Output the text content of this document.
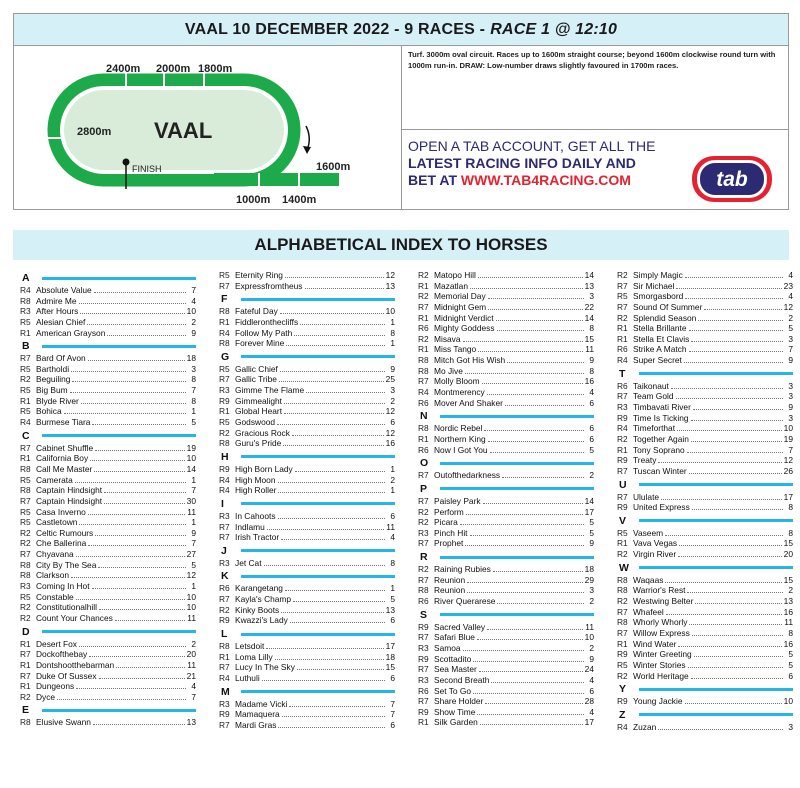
VAAL 10 DECEMBER 2022 - 9 RACES - RACE 1 @ 12:10
VAAL
2400m 2000m 1800m
2800m
FINISH	1600m
1000m 1400m
Turf. 3000m oval circuit. Races up to 1600m straight course; beyond 1600m clockwise round turn with 1000m run-in. DRAW: Low-number draws slightly favoured in 1700m races.
OPEN A TAB ACCOUNT, GET ALL THE
LATEST RACING INFO DAILY AND
BET AT WWW.TAB4RACING.COM	tab
ALPHABETICAL INDEX TO HORSES
A
R4 Absolute Value	7
R8 Admire Me	4
R3 After Hours	10
R5 Alesian Chief	2
R1 American Grayson	9
B
R7 Bard Of Avon	18
R5 Bartholdi	3
R2 Beguiling	8
R5 Big Bum	7
R1 Blyde River	8
R5 Bohica	1
R4 Burmese Tiara	5
C
R7 Cabinet Shuffle	19
R1 California Boy	10
R8 Call Me Master	14
R5 Camerata	1
R8 Captain Hindsight	7
R7 Captain Hindsight	30
R5 Casa Inverno	11
R5 Castletown	1
R2 Celtic Rumours	9
R2 Che Ballerina	7
R7 Chyavana	27
R8 City By The Sea	5
R8 Clarkson	12
R3 Coming In Hot	1
R5 Constable	10
R2 Constitutionalhill	10
R2 Count Your Chances	11
D
R1 Desert Fox	2
R7 Dockofthebay	20
R1 Dontshootthebarman	11
R7 Duke Of Sussex	21
R1 Dungeons	4
R2 Dyce	7
E
R8 Elusive Swann	13
R5 Eternity Ring	12
R7 Expressfromtheus	13
F
R8 Fateful Day	10
R1 Fiddleronthecliffs	1
R4 Follow My Path	8
R8 Forever Mine	1
G
R5 Gallic Chief	9
R7 Gallic Tribe	25
R3 Gimme The Flame	3
R9 Gimmealight	2
R1 Global Heart	12
R5 Godswood	6
R2 Gracious Rock	12
R8 Guru's Pride	16
H
R9 High Born Lady	1
R4 High Moon	2
R4 High Roller	1
I
R3 In Cahoots	6
R7 Indlamu	11
R7 Irish Tractor	4
J
R3 Jet Cat	8
K
R6 Karangetang	1
R7 Kayla's Champ	5
R2 Kinky Boots	13
R9 Kwazzi's Lady	6
L
R8 Letsdoit	17
R1 Loma Lilly	18
R7 Lucy In The Sky	15
R4 Luthuli	6
M
R3 Madame Vicki	7
R9 Mamaquera	7
R7 Mardi Gras	6
R2 Matopo Hill	14
R1 Mazatlan	13
R2 Memorial Day	3
R7 Midnight Gem	22
R1 Midnight Verdict	14
R6 Mighty Goddess	8
R2 Misava	15
R1 Miss Tango	11
R8 Mitch Got His Wish	9
R8 Mo Jive	8
R7 Molly Bloom	16
R4 Montmerency	4
R6 Mover And Shaker	6
N
R8 Nordic Rebel	6
R1 Northern King	6
R6 Now I Got You	5
O
R7 Outofthedarkness	2
P
R7 Paisley Park	14
R2 Perform	17
R2 Picara	5
R3 Pinch Hit	5
R7 Prophet	9
R
R2 Raining Rubies	18
R7 Reunion	29
R8 Reunion	3
R6 River Querarese	2
S
R9 Sacred Valley	11
R7 Safari Blue	10
R3 Samoa	2
R9 Scottadito	9
R7 Sea Master	24
R3 Second Breath	4
R6 Set To Go	6
R7 Share Holder	28
R9 Show Time	4
R1 Silk Garden	17
R2 Simply Magic	4
R7 Sir Michael	23
R5 Smorgasbord	4
R7 Sound Of Summer	12
R2 Splendid Season	2
R1 Stella Brillante	5
R1 Stella Et Clavis	3
R6 Strike A Match	7
R4 Super Secret	9
T
R6 Taikonaut	3
R7 Team Gold	3
R3 Timbavati River	9
R9 Time Is Ticking	3
R4 Timeforthat	10
R2 Together Again	19
R1 Tony Soprano	7
R9 Treaty	12
R7 Tuscan Winter	26
U
R7 Ululate	17
R9 United Express	8
V
R5 Vaseem	8
R1 Vava Vegas	15
R2 Virgin River	20
W
R8 Waqaas	15
R8 Warrior's Rest	2
R2 Westwing Belter	13
R7 Whafeel	16
R8 Whorly Whorly	11
R7 Willow Express	8
R1 Wind Water	16
R9 Winter Greeting	5
R5 Winter Stories	5
R2 World Heritage	6
Y
R9 Young Jackie	10
Z
R4 Zuzan	3
